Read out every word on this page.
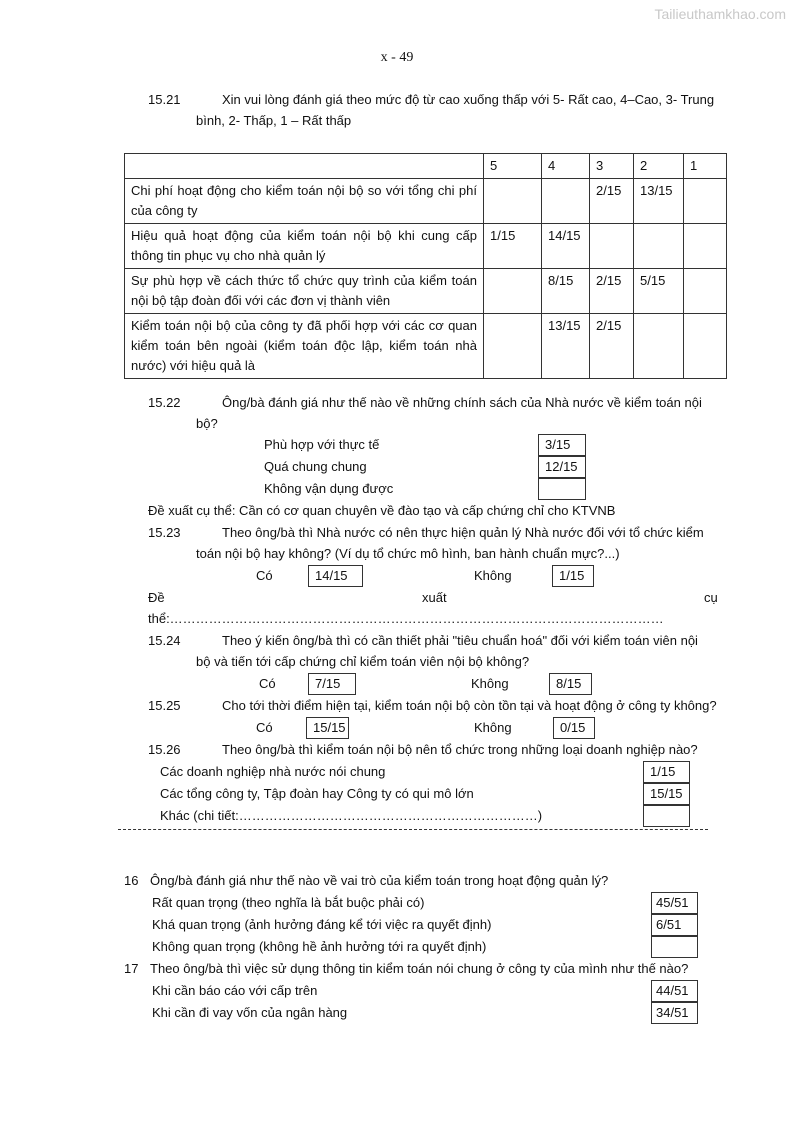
Tailieuthamkhao.com
x - 49
15.21	Xin vui lòng đánh giá theo mức độ từ cao xuống thấp với 5- Rất cao, 4–Cao, 3- Trung
bình, 2- Thấp, 1 – Rất thấp
	5	4	3	2	1
Chi phí hoạt động cho kiểm toán nội bộ so với tổng chi phí của công ty			2/15	13/15	
Hiệu quả hoạt động của kiểm toán nội bộ khi cung cấp thông tin phục vụ cho nhà quản lý	1/15	14/15			
Sự phù hợp về cách thức tổ chức quy trình của kiểm toán nội bộ tập đoàn đối với các đơn vị thành viên		8/15	2/15	5/15	
Kiểm toán nội bộ của công ty đã phối hợp với các cơ quan kiểm toán bên ngoài (kiểm toán độc lập, kiểm toán nhà nước) với hiệu quả là		13/15	2/15		
15.22	Ông/bà đánh giá như thế nào về những chính sách của Nhà nước về kiểm toán nội
bộ?
Phù hợp với thực tế	3/15
Quá chung chung	12/15
Không vận dụng được
Đề xuất cụ thể: Cần có cơ quan chuyên về đào tạo và cấp chứng chỉ cho KTVNB
15.23	Theo ông/bà thì Nhà nước có nên thực hiện quản lý Nhà nước đối với tổ chức kiểm
toán nội bộ hay không? (Ví dụ tổ chức mô hình, ban hành chuẩn mực?...)
Có	14/15	Không	1/15
Đề	xuất	cụ
thể:……………………………………………………………………………………………………
15.24	Theo ý kiến ông/bà thì có cần thiết phải "tiêu chuẩn hoá" đối với kiểm toán viên nội
bộ và tiến tới cấp chứng chỉ kiểm toán viên nội bộ không?
Có	7/15	Không	8/15
15.25	Cho tới thời điểm hiện tại, kiểm toán nội bộ còn tồn tại và hoạt động ở công ty không?
Có	15/15	Không	0/15
15.26	Theo ông/bà thì kiểm toán nội bộ nên tổ chức trong những loại doanh nghiệp nào?
Các doanh nghiệp nhà nước nói chung	1/15
Các tổng công ty, Tập đoàn hay Công ty có qui mô lớn	15/15
Khác (chi tiết:……………………………………………………………)
16 Ông/bà đánh giá như thế nào về vai trò của kiểm toán trong hoạt động quản lý?
Rất quan trọng (theo nghĩa là bắt buộc phải có)	45/51
Khá quan trọng (ảnh hưởng đáng kể tới việc ra quyết định)	6/51
Không quan trọng (không hề ảnh hưởng tới ra quyết định)
17 Theo ông/bà thì việc sử dụng thông tin kiểm toán nói chung ở công ty của mình như thế nào?
Khi cần báo cáo với cấp trên	44/51
Khi cần đi vay vốn của ngân hàng	34/51
